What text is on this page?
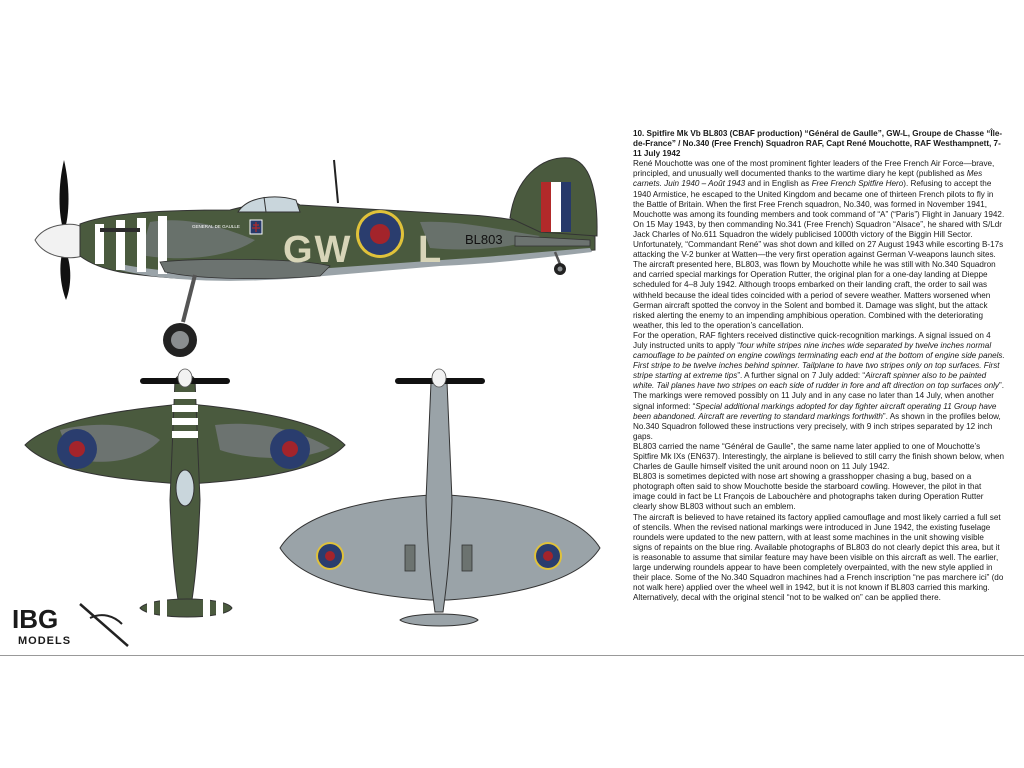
GENERAL DE GAULLE
GW L BL803
IBG
MODELS
10. Spitfire Mk Vb BL803 (CBAF production) “Général de Gaulle”, GW-L, Groupe de Chasse “Île-de-France” / No.340 (Free French) Squadron RAF, Capt René Mouchotte, RAF Westhampnett, 7-11 July 1942

René Mouchotte was one of the most prominent fighter leaders of the Free French Air Force—brave, principled, and unusually well documented thanks to the wartime diary he kept (published as Mes carnets. Juin 1940 – Août 1943 and in English as Free French Spitfire Hero). Refusing to accept the 1940 Armistice, he escaped to the United Kingdom and became one of thirteen French pilots to fly in the Battle of Britain. When the first Free French squadron, No.340, was formed in November 1941, Mouchotte was among its founding members and took command of “A” (“Paris”) Flight in January 1942. On 15 May 1943, by then commanding No.341 (Free French) Squadron “Alsace”, he shared with S/Ldr Jack Charles of No.611 Squadron the widely publicised 1000th victory of the Biggin Hill Sector. Unfortunately, “Commandant René” was shot down and killed on 27 August 1943 while escorting B-17s attacking the V-2 bunker at Watten—the very first operation against German V-weapons launch sites.

The aircraft presented here, BL803, was flown by Mouchotte while he was still with No.340 Squadron and carried special markings for Operation Rutter, the original plan for a one-day landing at Dieppe scheduled for 4–8 July 1942. Although troops embarked on their landing craft, the order to sail was withheld because the ideal tides coincided with a period of severe weather. Matters worsened when German aircraft spotted the convoy in the Solent and bombed it. Damage was slight, but the attack risked alerting the enemy to an impending amphibious operation. Combined with the deteriorating weather, this led to the operation’s cancellation.

For the operation, RAF fighters received distinctive quick-recognition markings. A signal issued on 4 July instructed units to apply “four white stripes nine inches wide separated by twelve inches normal camouflage to be painted on engine cowlings terminating each end at the bottom of engine side panels. First stripe to be twelve inches behind spinner. Tailplane to have two stripes only on top surfaces. First stripe starting at extreme tips”. A further signal on 7 July added: “Aircraft spinner also to be painted white. Tail planes have two stripes on each side of rudder in fore and aft direction on top surfaces only”. The markings were removed possibly on 11 July and in any case no later than 14 July, when another signal informed: “Special additional markings adopted for day fighter aircraft operating 11 Group have been abandoned. Aircraft are reverting to standard markings forthwith”. As shown in the profiles below, No.340 Squadron followed these instructions very precisely, with 9 inch stripes separated by 12 inch gaps.

BL803 carried the name “Général de Gaulle”, the same name later applied to one of Mouchotte’s Spitfire Mk IXs (EN637). Interestingly, the airplane is believed to still carry the finish shown below, when Charles de Gaulle himself visited the unit around noon on 11 July 1942.

BL803 is sometimes depicted with nose art showing a grasshopper chasing a bug, based on a photograph often said to show Mouchotte beside the starboard cowling. However, the pilot in that image could in fact be Lt François de Labouchère and photographs taken during Operation Rutter clearly show BL803 without such an emblem.

The aircraft is believed to have retained its factory applied camouflage and most likely carried a full set of stencils. When the revised national markings were introduced in June 1942, the existing fuselage roundels were updated to the new pattern, with at least some machines in the unit showing visible signs of repaints on the blue ring. Available photographs of BL803 do not clearly depict this area, but it is reasonable to assume that similar feature may have been visible on this aircraft as well. The earlier, large underwing roundels appear to have been completely overpainted, with the new style applied in their place. Some of the No.340 Squadron machines had a French inscription “ne pas marchere ici” (do not walk here) applied over the wheel well in 1942, but it is not known if BL803 carried this marking. Alternatively, decal with the original stencil “not to be walked on” can be applied there.
